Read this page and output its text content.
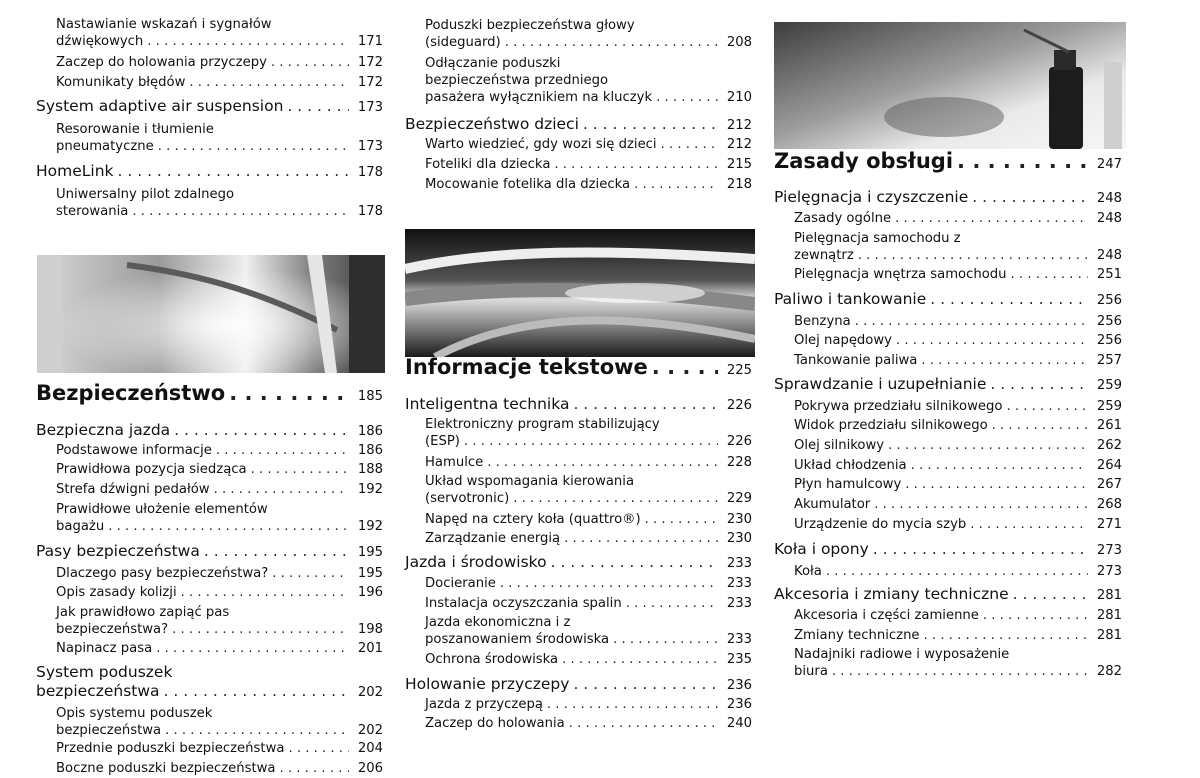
Nastawianie wskazań i sygnałów
dźwiękowych . . .	171
Zaczep do holowania przyczepy . . .	172
Komunikaty błędów . . .	172
System adaptive air suspension . . .	173
Resorowanie i tłumienie
pneumatyczne . . .	173
HomeLink . . .	178
Uniwersalny pilot zdalnego
sterowania . . .	178
Bezpieczeństwo . . .	185
Bezpieczna jazda . . .	186
Podstawowe informacje . . .	186
Prawidłowa pozycja siedząca . . .	188
Strefa dźwigni pedałów . . .	192
Prawidłowe ułożenie elementów
bagażu . . .	192
Pasy bezpieczeństwa . . .	195
Dlaczego pasy bezpieczeństwa? . . .	195
Opis zasady kolizji . . .	196
Jak prawidłowo zapiąć pas
bezpieczeństwa? . . .	198
Napinacz pasa . . .	201
System poduszek
bezpieczeństwa . . .	202
Opis systemu poduszek
bezpieczeństwa . . .	202
Przednie poduszki bezpieczeństwa . . .	204
Boczne poduszki bezpieczeństwa . . .	206
Poduszki bezpieczeństwa głowy
(sideguard) . . .	208
Odłączanie poduszki
bezpieczeństwa przedniego
pasażera wyłącznikiem na kluczyk . . .	210
Bezpieczeństwo dzieci . . .	212
Warto wiedzieć, gdy wozi się dzieci . . .	212
Foteliki dla dziecka . . .	215
Mocowanie fotelika dla dziecka . . .	218
Informacje tekstowe . . .	225
Inteligentna technika . . .	226
Elektroniczny program stabilizujący
(ESP) . . .	226
Hamulce . . .	228
Układ wspomagania kierowania
(servotronic) . . .	229
Napęd na cztery koła (quattro®) . . .	230
Zarządzanie energią . . .	230
Jazda i środowisko . . .	233
Docieranie . . .	233
Instalacja oczyszczania spalin . . .	233
Jazda ekonomiczna i z
poszanowaniem środowiska . . .	233
Ochrona środowiska . . .	235
Holowanie przyczepy . . .	236
Jazda z przyczepą . . .	236
Zaczep do holowania . . .	240
Zasady obsługi . . .	247
Pielęgnacja i czyszczenie . . .	248
Zasady ogólne . . .	248
Pielęgnacja samochodu z
zewnątrz . . .	248
Pielęgnacja wnętrza samochodu . . .	251
Paliwo i tankowanie . . .	256
Benzyna . . .	256
Olej napędowy . . .	256
Tankowanie paliwa . . .	257
Sprawdzanie i uzupełnianie . . .	259
Pokrywa przedziału silnikowego . . .	259
Widok przedziału silnikowego . . .	261
Olej silnikowy . . .	262
Układ chłodzenia . . .	264
Płyn hamulcowy . . .	267
Akumulator . . .	268
Urządzenie do mycia szyb . . .	271
Koła i opony . . .	273
Koła . . .	273
Akcesoria i zmiany techniczne . . .	281
Akcesoria i części zamienne . . .	281
Zmiany techniczne . . .	281
Nadajniki radiowe i wyposażenie
biura . . .	282
